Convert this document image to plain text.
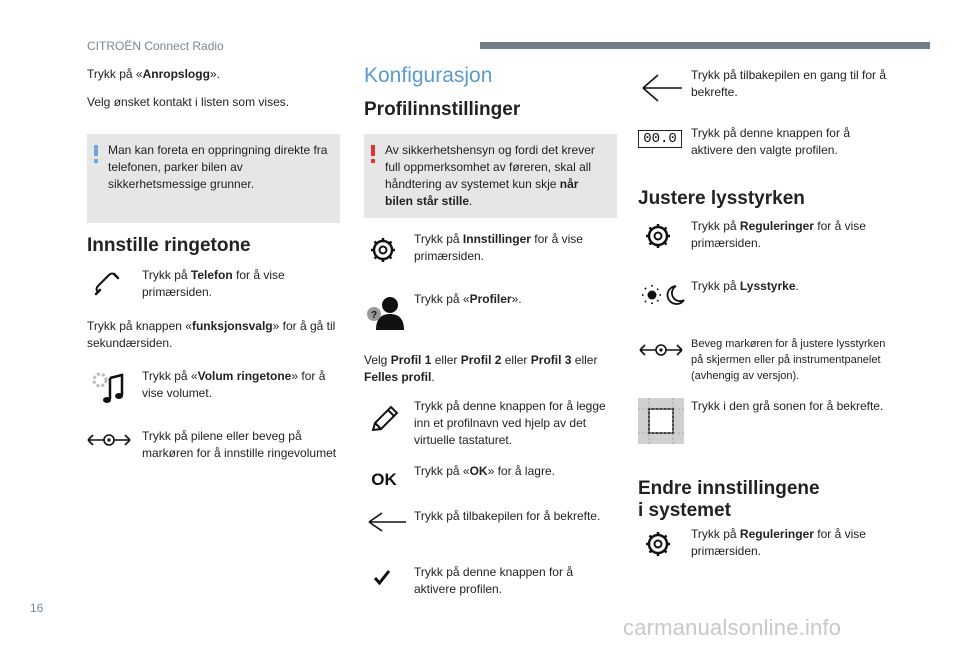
CITROËN Connect Radio

Trykk på «Anropslogg».

Velg ønsket kontakt i listen som vises.

Man kan foreta en oppringning direkte fra telefonen, parker bilen av sikkerhetsmessige grunner.

Innstille ringetone

Trykk på Telefon for å vise primærsiden.

Trykk på knappen «funksjonsvalg» for å gå til sekundærsiden.

Trykk på «Volum ringetone» for å vise volumet.

Trykk på pilene eller beveg på markøren for å innstille ringevolumet

Konfigurasjon
Profilinnstillinger

Av sikkerhetshensyn og fordi det krever full oppmerksomhet av føreren, skal all håndtering av systemet kun skje når bilen står stille.

Trykk på Innstillinger for å vise primærsiden.

?

Trykk på «Profiler».

Velg Profil 1 eller Profil 2 eller Profil 3 eller Felles profil.

Trykk på denne knappen for å legge inn et profilnavn ved hjelp av det virtuelle tastaturet.

OK Trykk på «OK» for å lagre.

Trykk på tilbakepilen for å bekrefte.

Trykk på denne knappen for å aktivere profilen.

Trykk på tilbakepilen en gang til for å bekrefte.

00.0	Trykk på denne knappen for å aktivere den valgte profilen.

Justere lysstyrken

Trykk på Reguleringer for å vise primærsiden.

Trykk på Lysstyrke.

Beveg markøren for å justere lysstyrken på skjermen eller på instrumentpanelet (avhengig av versjon).

Trykk i den grå sonen for å bekrefte.

Endre innstillingene
i systemet

Trykk på Reguleringer for å vise primærsiden.

16
carmanualsonline.info
